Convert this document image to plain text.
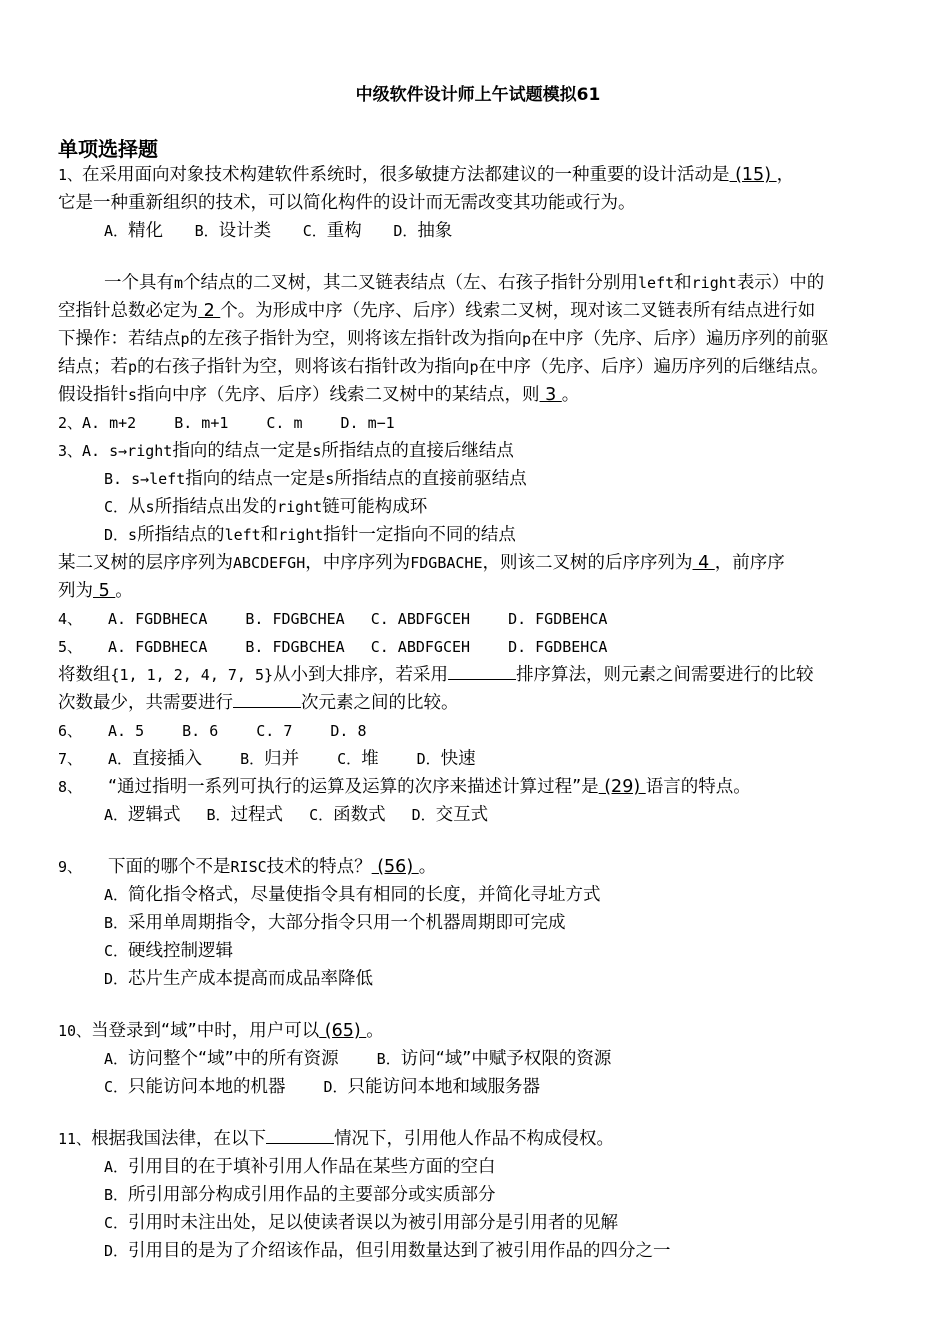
中级软件设计师上午试题模拟61
单项选择题
1、在采用面向对象技术构建软件系统时，很多敏捷方法都建议的一种重要的设计活动是 (15) ，
它是一种重新组织的技术，可以简化构件的设计而无需改变其功能或行为。
A．精化 B．设计类 C．重构 D．抽象
一个具有m个结点的二叉树，其二叉链表结点（左、右孩子指针分别用left和right表示）中的
空指针总数必定为 2 个。为形成中序（先序、后序）线索二叉树，现对该二叉链表所有结点进行如
下操作：若结点p的左孩子指针为空，则将该左指针改为指向p在中序（先序、后序）遍历序列的前驱
结点；若p的右孩子指针为空，则将该右指针改为指向p在中序（先序、后序）遍历序列的后继结点。
假设指针s指向中序（先序、后序）线索二叉树中的某结点，则 3 。
2、A. m+2	B. m+1	C. m	D. m−1
3、A. s→right指向的结点一定是s所指结点的直接后继结点
B. s→left指向的结点一定是s所指结点的直接前驱结点
C．从s所指结点出发的right链可能构成环
D．s所指结点的left和right指针一定指向不同的结点
某二叉树的层序序列为ABCDEFGH，中序序列为FDGBACHE，则该二叉树的后序序列为 4 ，前序序
列为 5 。
4、 A. FGDBHECA	B. FDGBCHEA C. ABDFGCEH	D. FGDBEHCA
5、 A. FGDBHECA	B. FDGBCHEA C. ABDFGCEH	D. FGDBEHCA
将数组{1, 1, 2, 4, 7, 5}从小到大排序，若采用	排序算法，则元素之间需要进行的比较
次数最少，共需要进行	次元素之间的比较。
6、 A. 5	B. 6	C. 7	D. 8
7、 A．直接插入	B．归并	C．堆	D．快速
8、 “通过指明一系列可执行的运算及运算的次序来描述计算过程”是 (29) 语言的特点。
A．逻辑式 B．过程式 C．函数式 D．交互式
9、 下面的哪个不是RISC技术的特点？ (56) 。
A．简化指令格式，尽量使指令具有相同的长度，并简化寻址方式
B．采用单周期指令，大部分指令只用一个机器周期即可完成
C．硬线控制逻辑
D．芯片生产成本提高而成品率降低
10、当登录到“域”中时，用户可以 (65) 。
A．访问整个“域”中的所有资源	B．访问“域”中赋予权限的资源
C．只能访问本地的机器	D．只能访问本地和域服务器
11、根据我国法律，在以下	情况下，引用他人作品不构成侵权。
A．引用目的在于填补引用人作品在某些方面的空白
B．所引用部分构成引用作品的主要部分或实质部分
C．引用时未注出处，足以使读者误以为被引用部分是引用者的见解
D．引用目的是为了介绍该作品，但引用数量达到了被引用作品的四分之一
